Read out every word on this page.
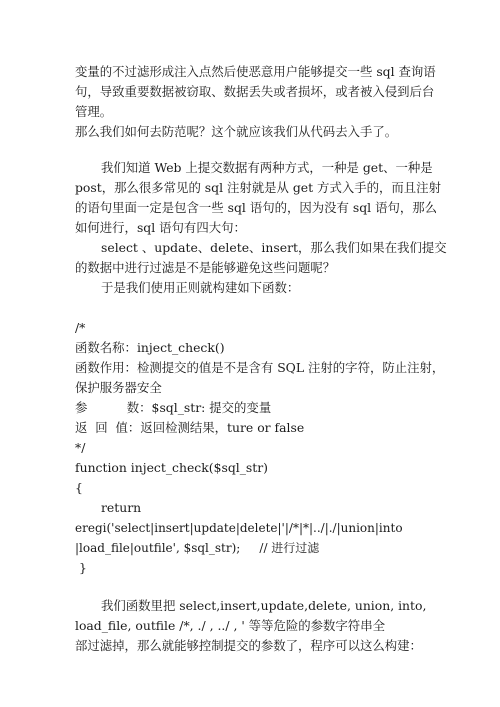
变量的不过滤形成注入点然后使恶意用户能够提交一些 sql 查询语
句，导致重要数据被窃取、数据丢失或者损坏，或者被入侵到后台
管理。
那么我们如何去防范呢？这个就应该我们从代码去入手了。
我们知道 Web 上提交数据有两种方式，一种是 get、一种是
post，那么很多常见的 sql 注射就是从 get 方式入手的，而且注射
的语句里面一定是包含一些 sql 语句的，因为没有 sql 语句，那么
如何进行，sql 语句有四大句：
select 、update、delete、insert，那么我们如果在我们提交
的数据中进行过滤是不是能够避免这些问题呢？
于是我们使用正则就构建如下函数：
/*
函数名称：inject_check()
函数作用：检测提交的值是不是含有 SQL 注射的字符，防止注射，
保护服务器安全
参          数：$sql_str: 提交的变量
返  回  值：返回检测结果，ture or false
*/
function inject_check($sql_str)
{
return
eregi('select|insert|update|delete|'|/*|*|../|./|union|into
|load_file|outfile', $sql_str);     // 进行过滤
}
我们函数里把 select,insert,update,delete, union, into,
load_file, outfile /*, ./ , ../ , ' 等等危险的参数字符串全
部过滤掉，那么就能够控制提交的参数了，程序可以这么构建：
